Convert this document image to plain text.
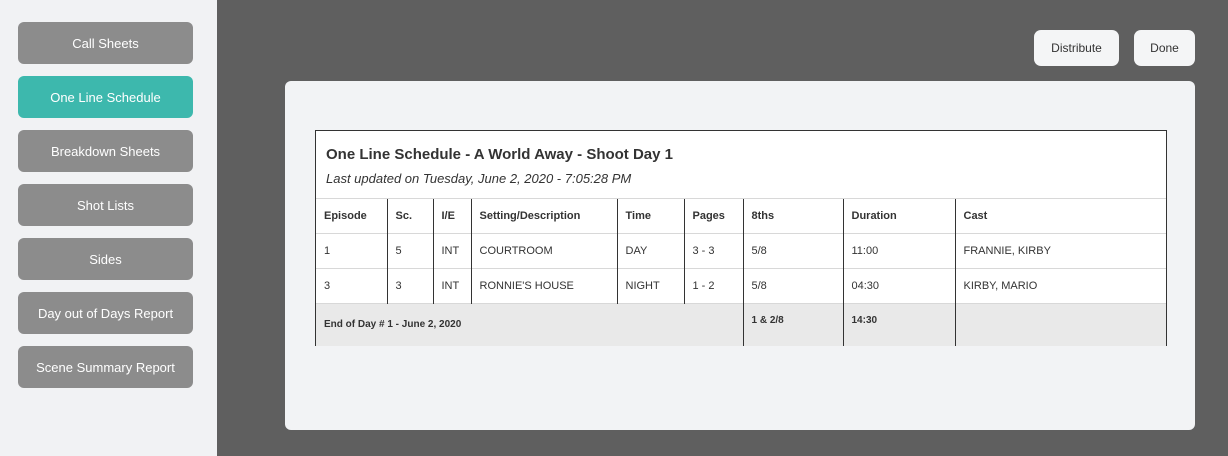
Call Sheets
One Line Schedule
Breakdown Sheets
Shot Lists
Sides
Day out of Days Report
Scene Summary Report
Distribute	Done
One Line Schedule - A World Away - Shoot Day 1
Last updated on Tuesday, June 2, 2020 - 7:05:28 PM
Episode	Sc.	I/E	Setting/Description	Time	Pages	8ths	Duration	Cast
1	5	INT	COURTROOM	DAY	3 - 3	5/8	11:00	FRANNIE, KIRBY
3	3	INT	RONNIE'S HOUSE	NIGHT	1 - 2	5/8	04:30	KIRBY, MARIO
End of Day # 1 - June 2, 2020						1 & 2/8	14:30	
